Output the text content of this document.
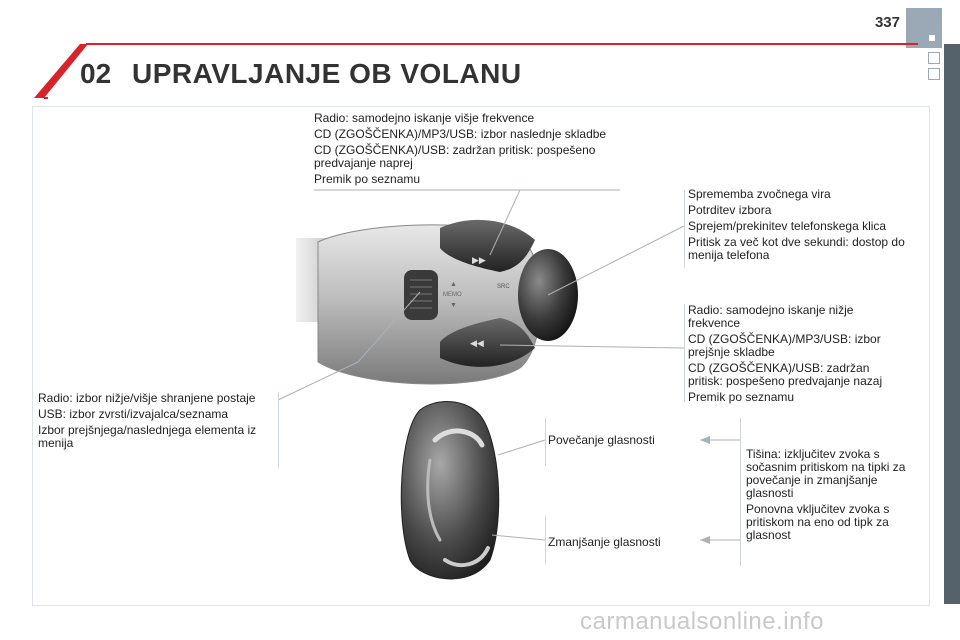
337
02 UPRAVLJANJE OB VOLANU
▶▶
◀◀
SRC
▲
MEMO
▼

Radio: samodejno iskanje višje frekvence

CD (ZGOŠČENKA)/MP3/USB: izbor naslednje skladbe

CD (ZGOŠČENKA)/USB: zadržan pritisk: pospešeno predvajanje naprej

Premik po seznamu

Sprememba zvočnega vira

Potrditev izbora

Sprejem/prekinitev telefonskega klica

Pritisk za več kot dve sekundi: dostop do menija telefona

Radio: samodejno iskanje nižje frekvence

CD (ZGOŠČENKA)/MP3/USB: izbor prejšnje skladbe

CD (ZGOŠČENKA)/USB: zadržan pritisk: pospešeno predvajanje nazaj

Premik po seznamu

Radio: izbor nižje/višje shranjene postaje

USB: izbor zvrsti/izvajalca/seznama

Izbor prejšnjega/naslednjega elementa iz menija	Povečanje glasnosti

Zmanjšanje glasnosti

Tišina: izključitev zvoka s sočasnim pritiskom na tipki za povečanje in zmanjšanje glasnosti

Ponovna vključitev zvoka s pritiskom na eno od tipk za glasnost

carmanualsonline.info
